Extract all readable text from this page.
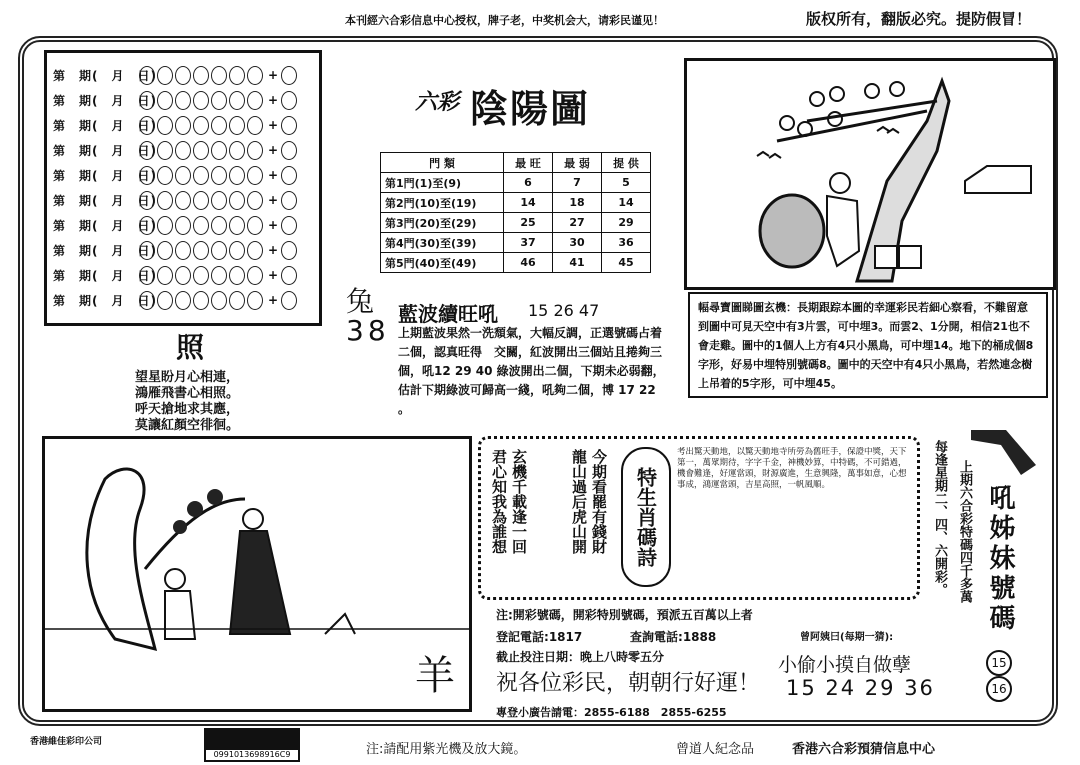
本刊經六合彩信息中心授权，牌子老，中奖机会大，请彩民谨见！	版权所有，翻版必究。提防假冒！
第　期(　月　日)	+
第　期(　月　日)	+
第　期(　月　日)	+
第　期(　月　日)	+
第　期(　月　日)	+
第　期(　月　日)	+
第　期(　月　日)	+
第　期(　月　日)	+
第　期(　月　日)	+
第　期(　月　日)	+
六彩 陰陽圖
門 類	最 旺	最 弱	提 供
第1門(1)至(9)	6	7	5
第2門(10)至(19)	14	18	14
第3門(20)至(29)	25	27	29
第4門(30)至(39)	37	30	36
第5門(40)至(49)	46	41	45
照
望星盼月心相連，
鴻雁飛書心相照。
呼天搶地求其應，
莫讓紅顏空徘徊。
兔
38 藍波續旺吼 15 26 47
上期藍波果然一洗頹氣，大幅反調，正選號碼占着二個，認真旺得　交關，紅波開出三個站且捲夠三個，吼12 29 40 綠波開出二個，下期未必弱翻，估計下期綠波可歸高一綫，吼夠二個，博 17 22 。
幅尋寶圖睇圖玄機：長期跟踪本圖的幸運彩民若細心察看，不難留意到圖中可見天空中有3片雲，可中埋3。而雲2、1分開，相信21也不會走雞。圖中的1個人上方有4只小黑鳥，可中埋14。地下的桶成個8字形，好易中埋特別號碼8。圖中的天空中有4只小黑鳥，若然連念樹上吊着的5字形，可中埋45。
羊
玄機千載逢一回
君心知我為誰想	今期看罷有錢財
龍山過后虎山開	特生肖碼詩
考出驚天動地，以驚天動地寺所勞為舊旺手，保證中獎，天下第一，萬眾期待，字字千金，神機妙算，中特碼，不可錯過，機會難逢，好運當頭，財源廣進，生意興隆，萬事如意，心想事成，鴻運當頭，吉星高照，一帆風順。	每逢星期二、四、六開彩。 上期六合彩特碼四千多萬 吼姊妹號碼
15
16
注:開彩號碼，開彩特別號碼，預派五百萬以上者
登記電話:1817	查詢電話:1888
截止投注日期：晚上八時零五分
祝各位彩民，朝朝行好運！
專登小廣告請電：2855-6188　2855-6255
曾阿姨曰(每期一猜):
小偷小摸自做孽
15 24 29 36
香港維佳彩印公司
0991013698916C9	注:請配用紫光機及放大鏡。	曾道人紀念品	香港六合彩預猜信息中心
